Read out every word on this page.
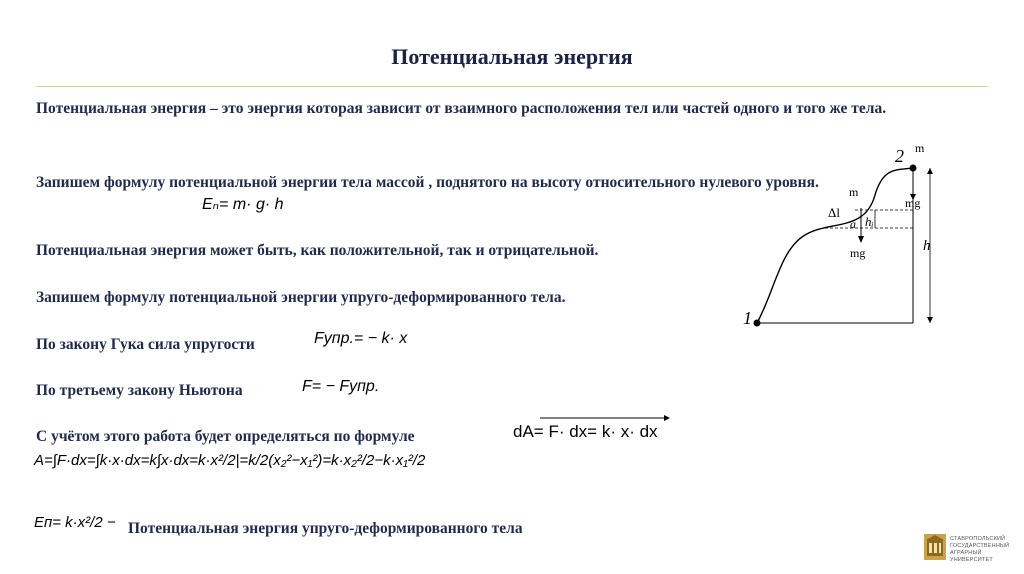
Потенциальная энергия
Потенциальная энергия – это энергия которая зависит от взаимного расположения тел или частей одного и того же тела.
Запишем формулу потенциальной энергии тела массой , поднятого на высоту относительного нулевого уровня.
Eₙ= m· g· h
Потенциальная энергия может быть, как положительной, так и отрицательной.
Запишем формулу потенциальной энергии упруго-деформированного тела.
По закону Гука сила упругости	Fупр.= − k· x
По третьему закону Ньютона	F= − Fупр.
С учётом этого работа будет определяться по формуле	dA= F· dx= k· x· dx
A=∫F·dx=∫k·x·dx=k∫x·dx=k·x²/2|=k/2(x₂²−x₁²)=k·x₂²/2−k·x₁²/2
Eп= k·x²/2 − Потенциальная энергия упруго-деформированного тела
2
1
m
m
mg
mg
Δl
a hᵢ
h
СТАВРОПОЛЬСКИЙ
ГОСУДАРСТВЕННЫЙ
АГРАРНЫЙ УНИВЕРСИТЕТ
